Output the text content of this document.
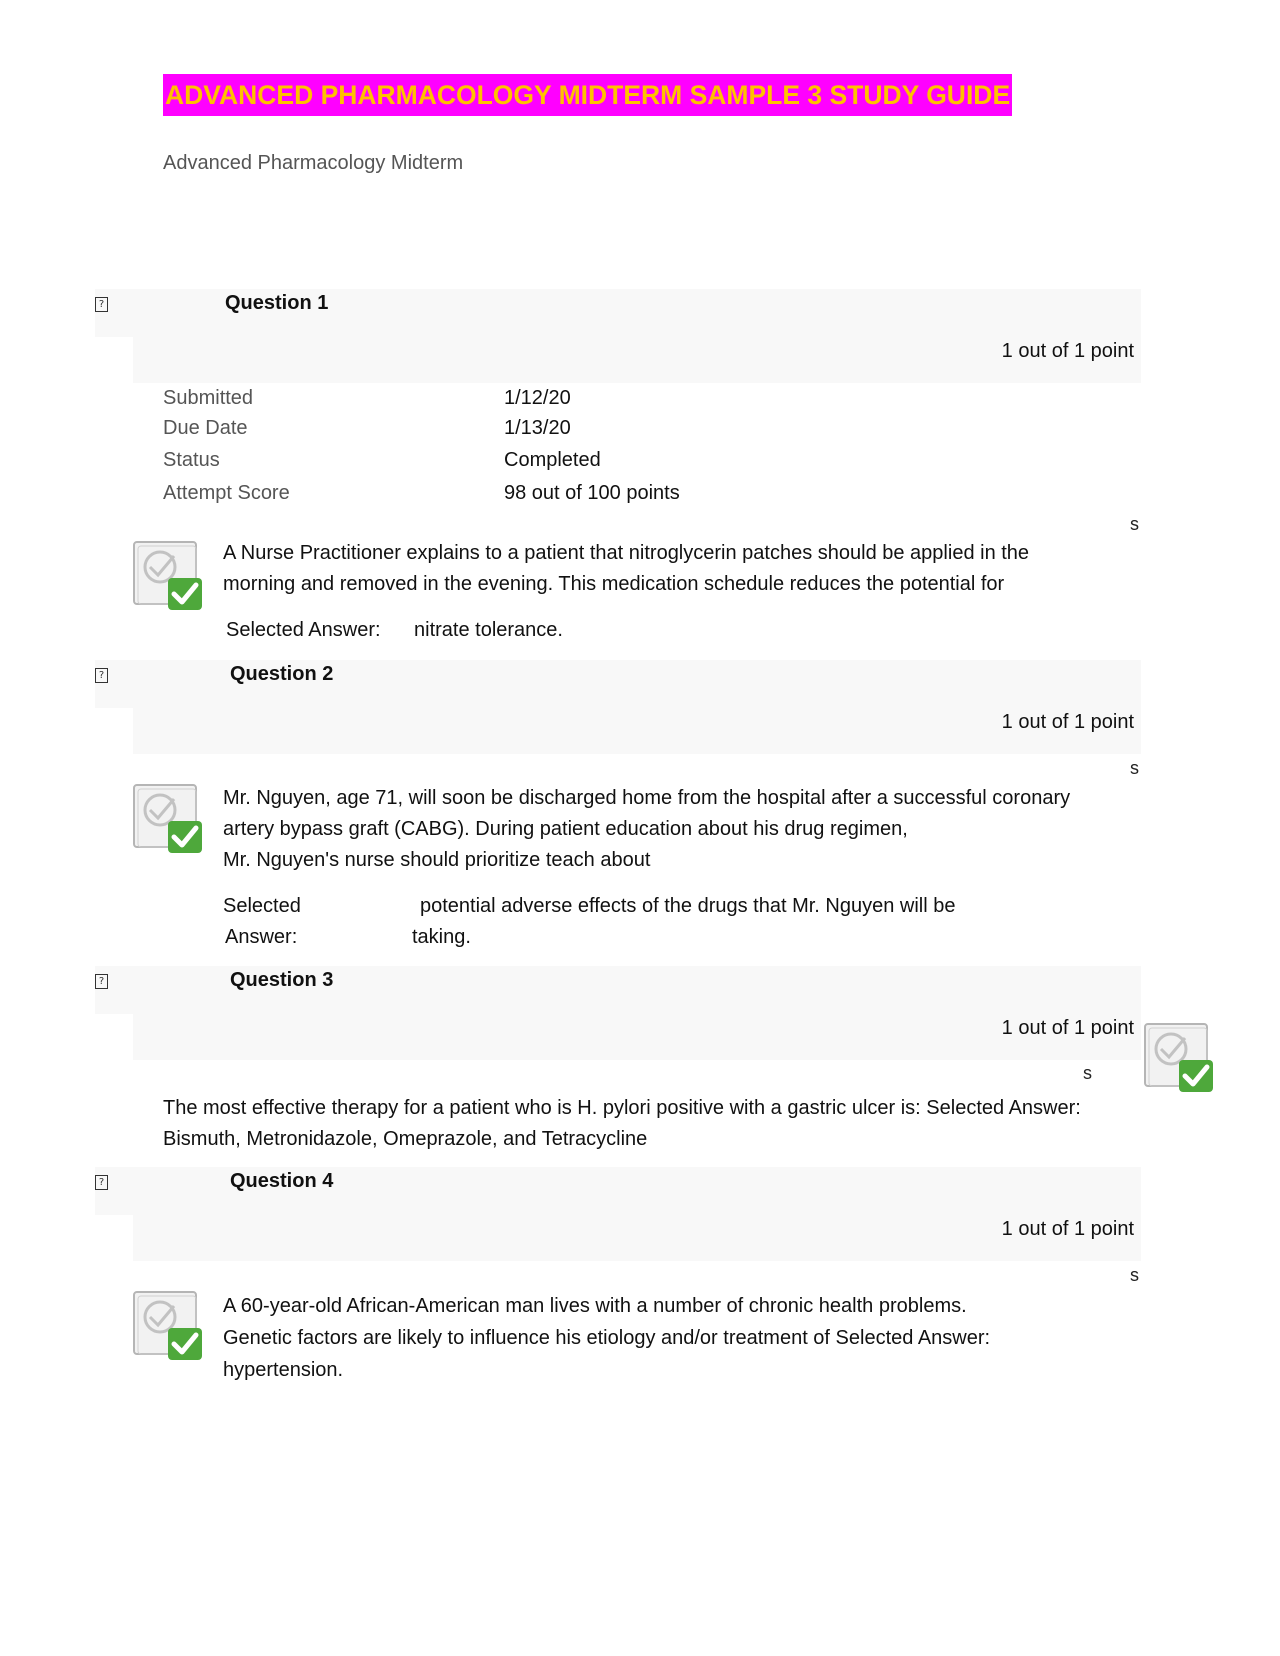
ADVANCED PHARMACOLOGY MIDTERM SAMPLE 3 STUDY GUIDE
Advanced Pharmacology Midterm
?	Question 1
1 out of 1 point
Submitted	1/12/20
Due Date	1/13/20
Status	Completed
Attempt Score	98 out of 100 points
s
A Nurse Practitioner explains to a patient that nitroglycerin patches should be applied in the
morning and removed in the evening. This medication schedule reduces the potential for
Selected Answer: nitrate tolerance.
?	Question 2
1 out of 1 point
s
Mr. Nguyen, age 71, will soon be discharged home from the hospital after a successful coronary
artery bypass graft (CABG). During patient education about his drug regimen,
Mr. Nguyen's nurse should prioritize teach about
Selected
Answer:
potential adverse effects of the drugs that Mr. Nguyen will be
taking.
?	Question 3
1 out of 1 point
s
The most effective therapy for a patient who is H. pylori positive with a gastric ulcer is: Selected Answer:
Bismuth, Metronidazole, Omeprazole, and Tetracycline
?	Question 4
1 out of 1 point
s
A 60-year-old African-American man lives with a number of chronic health problems.
Genetic factors are likely to influence his etiology and/or treatment of Selected Answer:
hypertension.
